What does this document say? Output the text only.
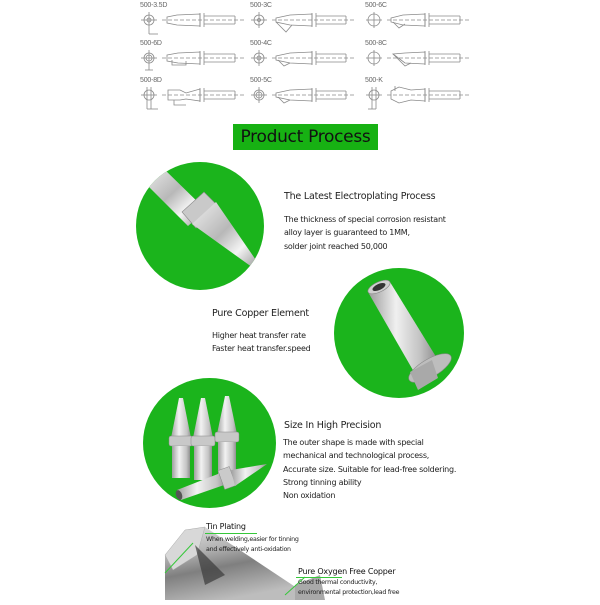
500-3.5D	500-3C	500-6C
500-6D	500-4C	500-8C
500-8D	500-5C	500-K
Product Process
The Latest Electroplating Process
The thickness of special corrosion resistant
alloy layer is guaranteed to 1MM,
solder joint reached 50,000
Pure Copper Element
Higher heat transfer rate
Faster heat transfer.speed
Size In High Precision
The outer shape is made with special
mechanical and technological process,
Accurate size. Suitable for lead-free soldering.
Strong tinning ability
Non oxidation
Tin Plating
When welding,easier for tinning
and effectively anti-oxidation
Pure Oxygen Free Copper
Good thermal conductivity,
environmental protection,lead free
